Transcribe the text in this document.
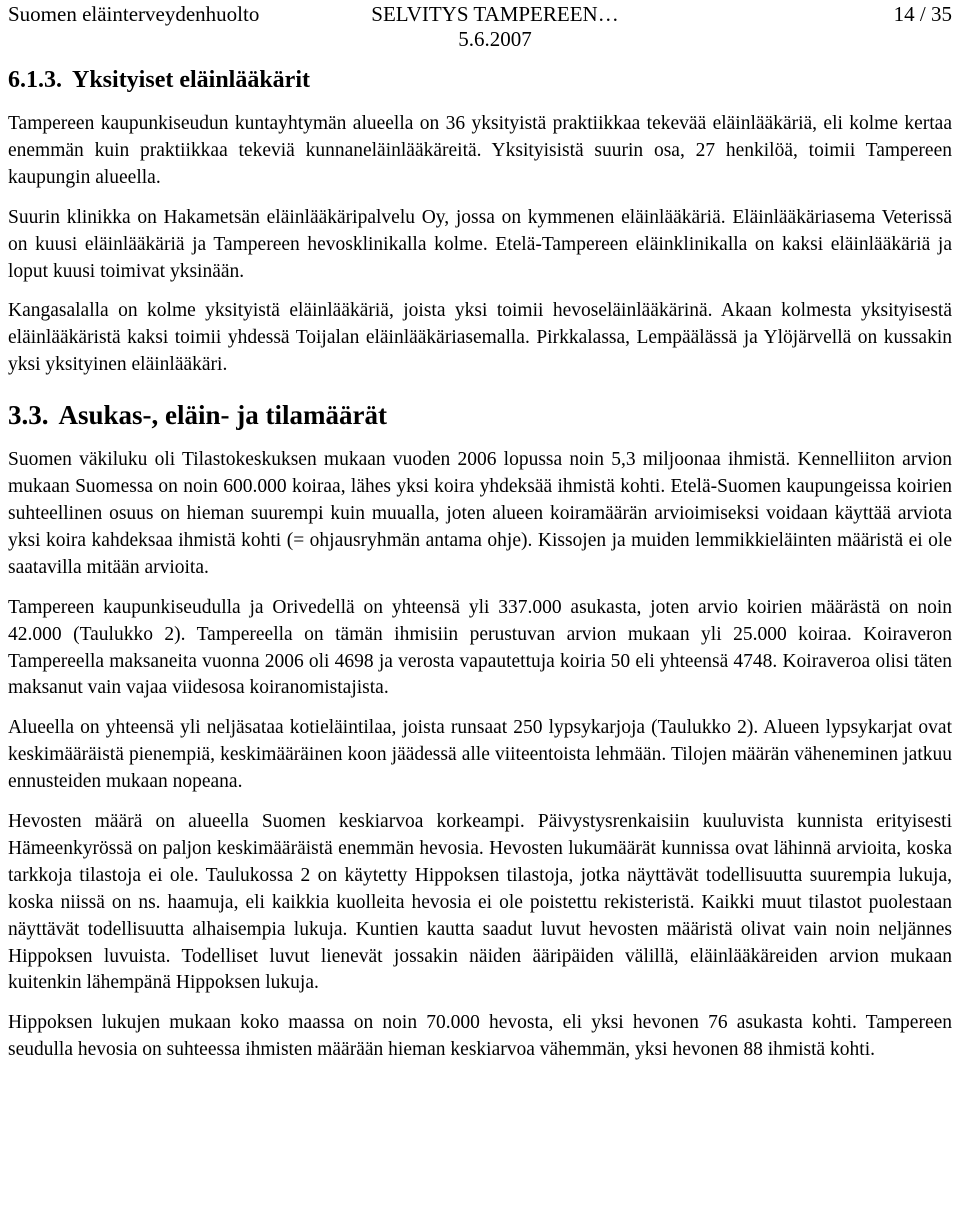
Suomen eläinterveydenhuolto	SELVITYS TAMPEREEN…
5.6.2007
14 / 35
6.1.3. Yksityiset eläinlääkärit

Tampereen kaupunkiseudun kuntayhtymän alueella on 36 yksityistä praktiikkaa tekevää eläinlääkäriä, eli kolme kertaa enemmän kuin praktiikkaa tekeviä kunnaneläinlääkäreitä. Yksityisistä suurin osa, 27 henkilöä, toimii Tampereen kaupungin alueella.

Suurin klinikka on Hakametsän eläinlääkäripalvelu Oy, jossa on kymmenen eläinlääkäriä. Eläinlääkäriasema Veterissä on kuusi eläinlääkäriä ja Tampereen hevosklinikalla kolme. Etelä-Tampereen eläinklinikalla on kaksi eläinlääkäriä ja loput kuusi toimivat yksinään.

Kangasalalla on kolme yksityistä eläinlääkäriä, joista yksi toimii hevoseläinlääkärinä. Akaan kolmesta yksityisestä eläinlääkäristä kaksi toimii yhdessä Toijalan eläinlääkäriasemalla. Pirkkalassa, Lempäälässä ja Ylöjärvellä on kussakin yksi yksityinen eläinlääkäri.

3.3. Asukas-, eläin- ja tilamäärät

Suomen väkiluku oli Tilastokeskuksen mukaan vuoden 2006 lopussa noin 5,3 miljoonaa ihmistä. Kennelliiton arvion mukaan Suomessa on noin 600.000 koiraa, lähes yksi koira yhdeksää ihmistä kohti. Etelä-Suomen kaupungeissa koirien suhteellinen osuus on hieman suurempi kuin muualla, joten alueen koiramäärän arvioimiseksi voidaan käyttää arviota yksi koira kahdeksaa ihmistä kohti (= ohjausryhmän antama ohje). Kissojen ja muiden lemmikkieläinten määristä ei ole saatavilla mitään arvioita.

Tampereen kaupunkiseudulla ja Orivedellä on yhteensä yli 337.000 asukasta, joten arvio koirien määrästä on noin 42.000 (Taulukko 2). Tampereella on tämän ihmisiin perustuvan arvion mukaan yli 25.000 koiraa. Koiraveron Tampereella maksaneita vuonna 2006 oli 4698 ja verosta vapautettuja koiria 50 eli yhteensä 4748. Koiraveroa olisi täten maksanut vain vajaa viidesosa koiranomistajista.

Alueella on yhteensä yli neljäsataa kotieläintilaa, joista runsaat 250 lypsykarjoja (Taulukko 2). Alueen lypsykarjat ovat keskimääräistä pienempiä, keskimääräinen koon jäädessä alle viiteentoista lehmään. Tilojen määrän väheneminen jatkuu ennusteiden mukaan nopeana.

Hevosten määrä on alueella Suomen keskiarvoa korkeampi. Päivystysrenkaisiin kuuluvista kunnista erityisesti Hämeenkyrössä on paljon keskimääräistä enemmän hevosia. Hevosten lukumäärät kunnissa ovat lähinnä arvioita, koska tarkkoja tilastoja ei ole. Taulukossa 2 on käytetty Hippoksen tilastoja, jotka näyttävät todellisuutta suurempia lukuja, koska niissä on ns. haamuja, eli kaikkia kuolleita hevosia ei ole poistettu rekisteristä. Kaikki muut tilastot puolestaan näyttävät todellisuutta alhaisempia lukuja. Kuntien kautta saadut luvut hevosten määristä olivat vain noin neljännes Hippoksen luvuista. Todelliset luvut lienevät jossakin näiden ääripäiden välillä, eläinlääkäreiden arvion mukaan kuitenkin lähempänä Hippoksen lukuja.

Hippoksen lukujen mukaan koko maassa on noin 70.000 hevosta, eli yksi hevonen 76 asukasta kohti. Tampereen seudulla hevosia on suhteessa ihmisten määrään hieman keskiarvoa vähemmän, yksi hevonen 88 ihmistä kohti.
